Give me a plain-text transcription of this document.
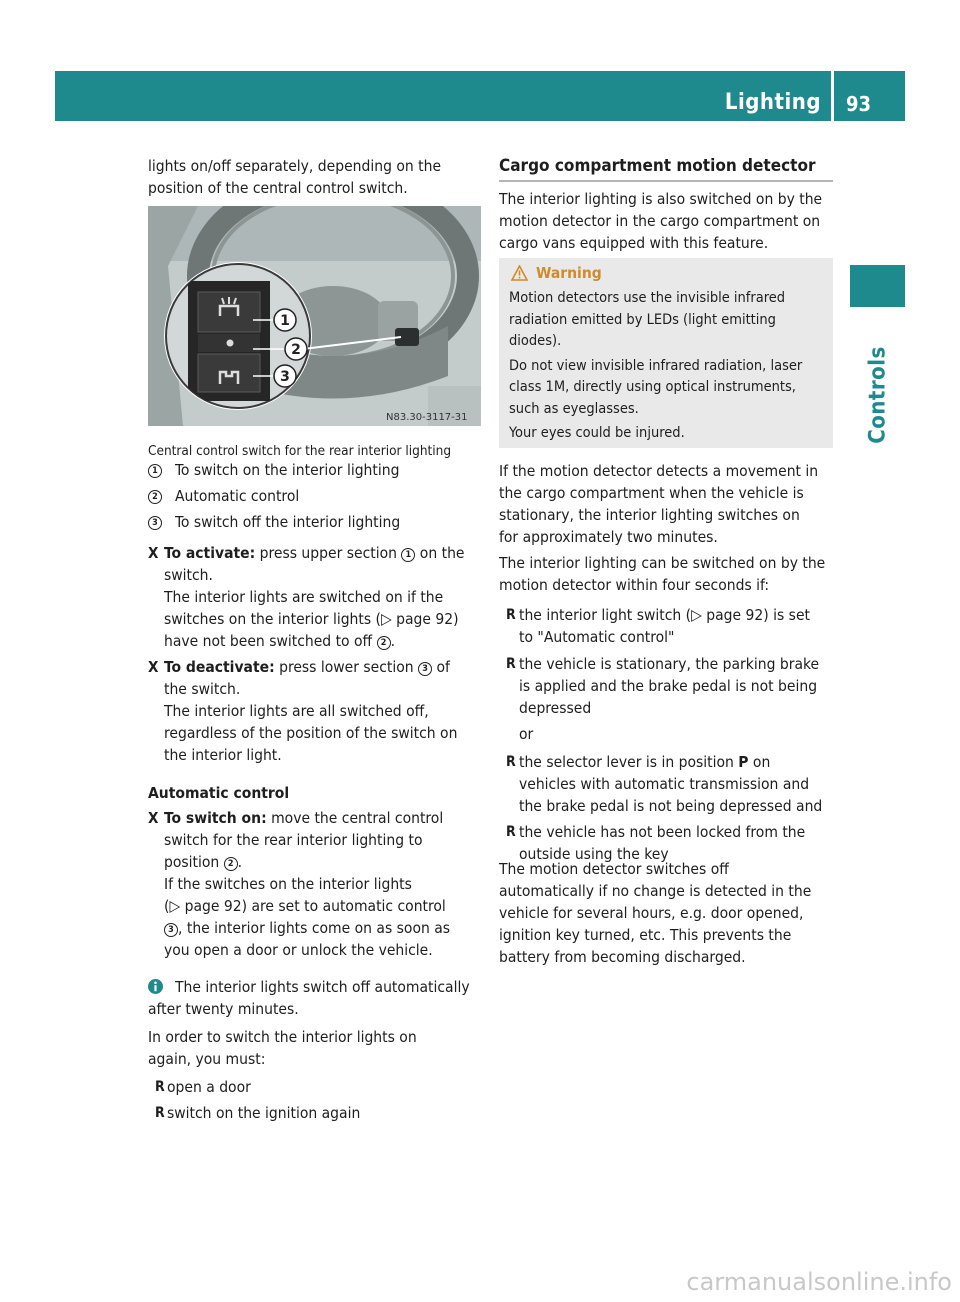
Lighting 93
Controls

lights on/off separately, depending on the

position of the central control switch.

N83.30-3117-31
1
2
3
Central control switch for the rear interior lighting
1 To switch on the interior lighting
2 Automatic control
3 To switch off the interior lighting
X To activate: press upper section 1 on the

switch.

The interior lights are switched on if the

switches on the interior lights (▷ page 92)

have not been switched to off 2 .

X To deactivate: press lower section 3 of

the switch.

The interior lights are all switched off,

regardless of the position of the switch on

the interior light.

Automatic control
X To switch on: move the central control

switch for the rear interior lighting to

position 2 .

If the switches on the interior lights

(▷ page 92) are set to automatic control

3 , the interior lights come on as soon as

you open a door or unlock the vehicle.

The interior lights switch off automatically

after twenty minutes.

In order to switch the interior lights on

again, you must:

R open a door
R switch on the ignition again
Cargo compartment motion detector

The interior lighting is also switched on by the

motion detector in the cargo compartment on

cargo vans equipped with this feature.

Warning

Motion detectors use the invisible infrared

radiation emitted by LEDs (light emitting

diodes).

Do not view invisible infrared radiation, laser

class 1M, directly using optical instruments,

such as eyeglasses.

Your eyes could be injured.

If the motion detector detects a movement in

the cargo compartment when the vehicle is

stationary, the interior lighting switches on

for approximately two minutes.

The interior lighting can be switched on by the

motion detector within four seconds if:

R the interior light switch (▷ page 92) is set

to "Automatic control"

R the vehicle is stationary, the parking brake

is applied and the brake pedal is not being

depressed

or
R the selector lever is in position P on

vehicles with automatic transmission and

the brake pedal is not being depressed and

R the vehicle has not been locked from the

outside using the key

The motion detector switches off

automatically if no change is detected in the

vehicle for several hours, e.g. door opened,

ignition key turned, etc. This prevents the

battery from becoming discharged.

carmanualsonline.info
